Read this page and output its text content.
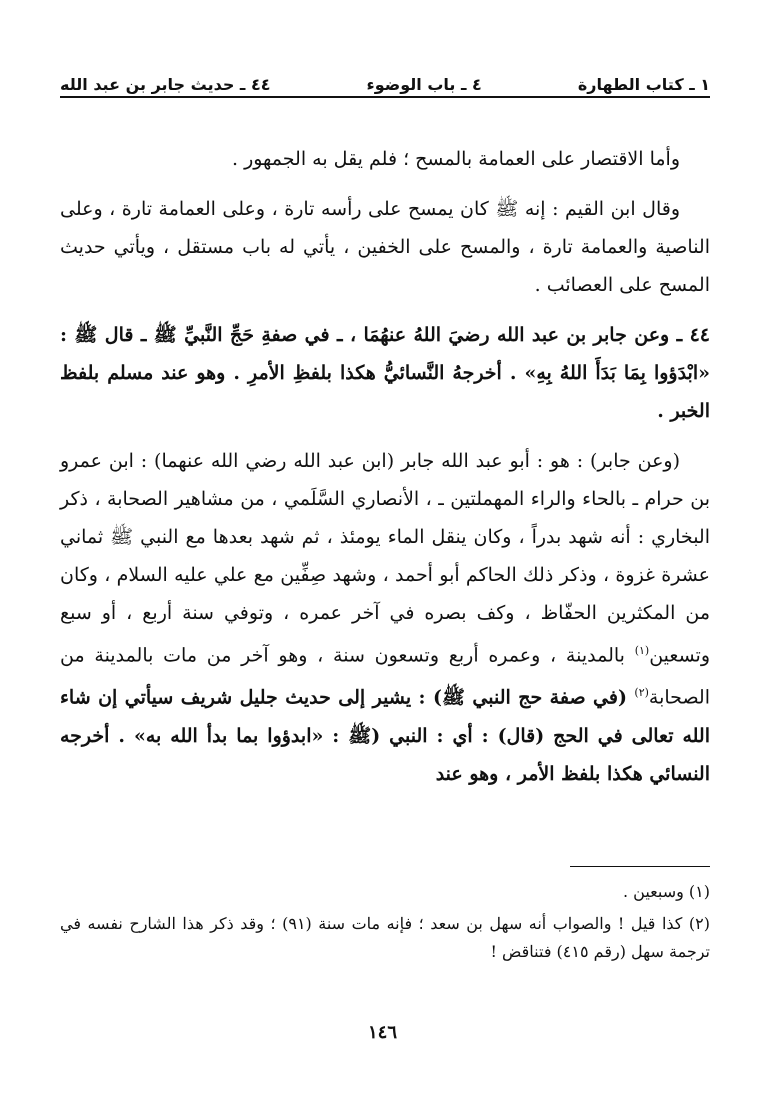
١ ـ كتاب الطهارة
٤ ـ باب الوضوء
٤٤ ـ حديث جابر بن عبد الله

وأما الاقتصار على العمامة بالمسح ؛ فلم يقل به الجمهور .

وقال ابن القيم : إنه ﷺ كان يمسح على رأسه تارة ، وعلى العمامة تارة ، وعلى الناصية والعمامة تارة ، والمسح على الخفين ، يأتي له باب مستقل ، ويأتي حديث المسح على العصائب .

٤٤ ـ وعن جابر بن عبد الله رضيَ اللهُ عنهُمَا ، ـ في صفةِ حَجِّ النَّبيِّ ﷺ ـ قال ﷺ : «ابْدَؤوا بِمَا بَدَأَ اللهُ بِهِ» . أخرجهُ النَّسائيُّ هكذا بلفظِ الأمرِ . وهو عند مسلم بلفظ الخبر .

(وعن جابر) : هو : أبو عبد الله جابر (ابن عبد الله رضي الله عنهما) : ابن عمرو بن حرام ـ بالحاء والراء المهملتين ـ ، الأنصاري السَّلَمي ، من مشاهير الصحابة ، ذكر البخاري : أنه شهد بدراً ، وكان ينقل الماء يومئذ ، ثم شهد بعدها مع النبي ﷺ ثماني عشرة غزوة ، وذكر ذلك الحاكم أبو أحمد ، وشهد صِفِّين مع علي عليه السلام ، وكان من المكثرين الحفّاظ ، وكف بصره في آخر عمره ، وتوفي سنة أربع ، أو سبع وتسعين$^{(١)}$ بالمدينة ، وعمره أربع وتسعون سنة ، وهو آخر من مات بالمدينة من الصحابة$^{(٢)}$ (في صفة حج النبي ﷺ) : يشير إلى حديث جليل شريف سيأتي إن شاء الله تعالى في الحج (قال) : أي : النبي (ﷺ : «ابدؤوا بما بدأ الله به» . أخرجه النسائي هكذا بلفظ الأمر ، وهو عند

(١) وسبعين .

(٢) كذا قيل ! والصواب أنه سهل بن سعد ؛ فإنه مات سنة (٩١) ؛ وقد ذكر هذا الشارح نفسه في ترجمة سهل (رقم ٤١٥) فتناقض !

١٤٦
